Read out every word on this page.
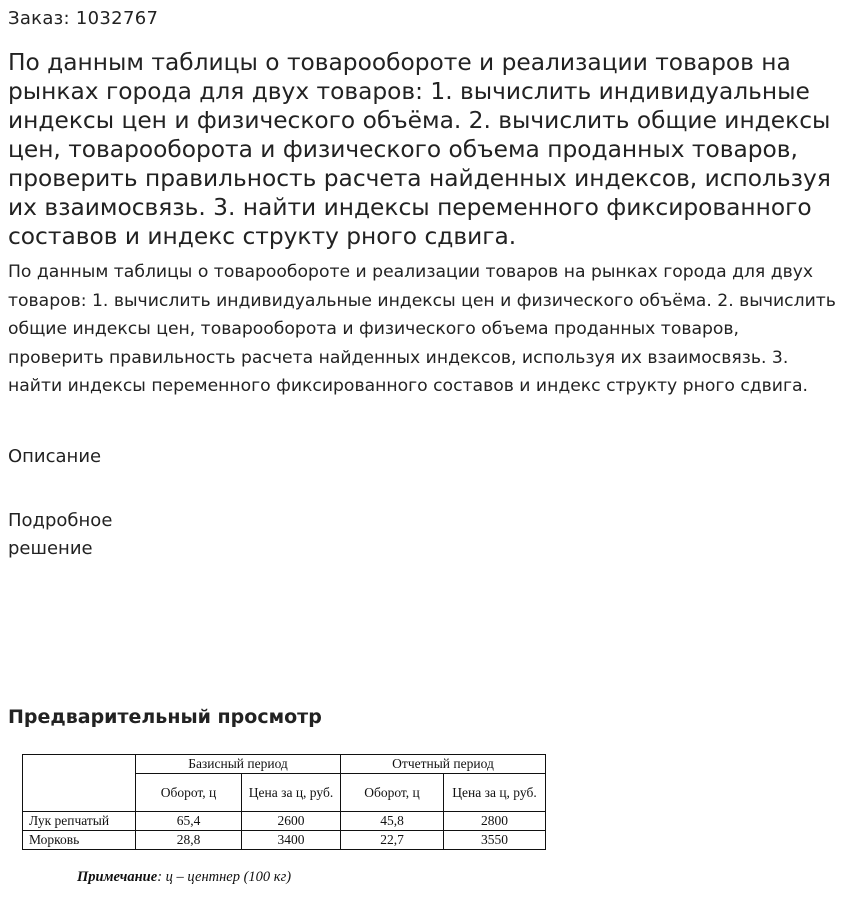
Заказ: 1032767
По данным таблицы о товарообороте и реализации товаров на рынках города для двух товаров: 1. вычислить индивидуальные индексы цен и физического объёма. 2. вычислить общие индексы цен, товарооборота и физического объема проданных товаров, проверить правильность расчета найденных индексов, используя их взаимосвязь. 3. найти индексы переменного фиксированного составов и индекс структу рного сдвига.

По данным таблицы о товарообороте и реализации товаров на рынках города для двух товаров: 1. вычислить индивидуальные индексы цен и физического объёма. 2. вычислить общие индексы цен, товарооборота и физического объема проданных товаров, проверить правильность расчета найденных индексов, используя их взаимосвязь. 3. найти индексы переменного фиксированного составов и индекс структу рного сдвига.

Описание
Подробное решение
Предварительный просмотр
	Базисный период		Отчетный период	
	Оборот, ц	Цена за ц, руб.	Оборот, ц	Цена за ц, руб.
Лук репчатый	65,4	2600	45,8	2800
Морковь	28,8	3400	22,7	3550
Примечание: ц – центнер (100 кг)
